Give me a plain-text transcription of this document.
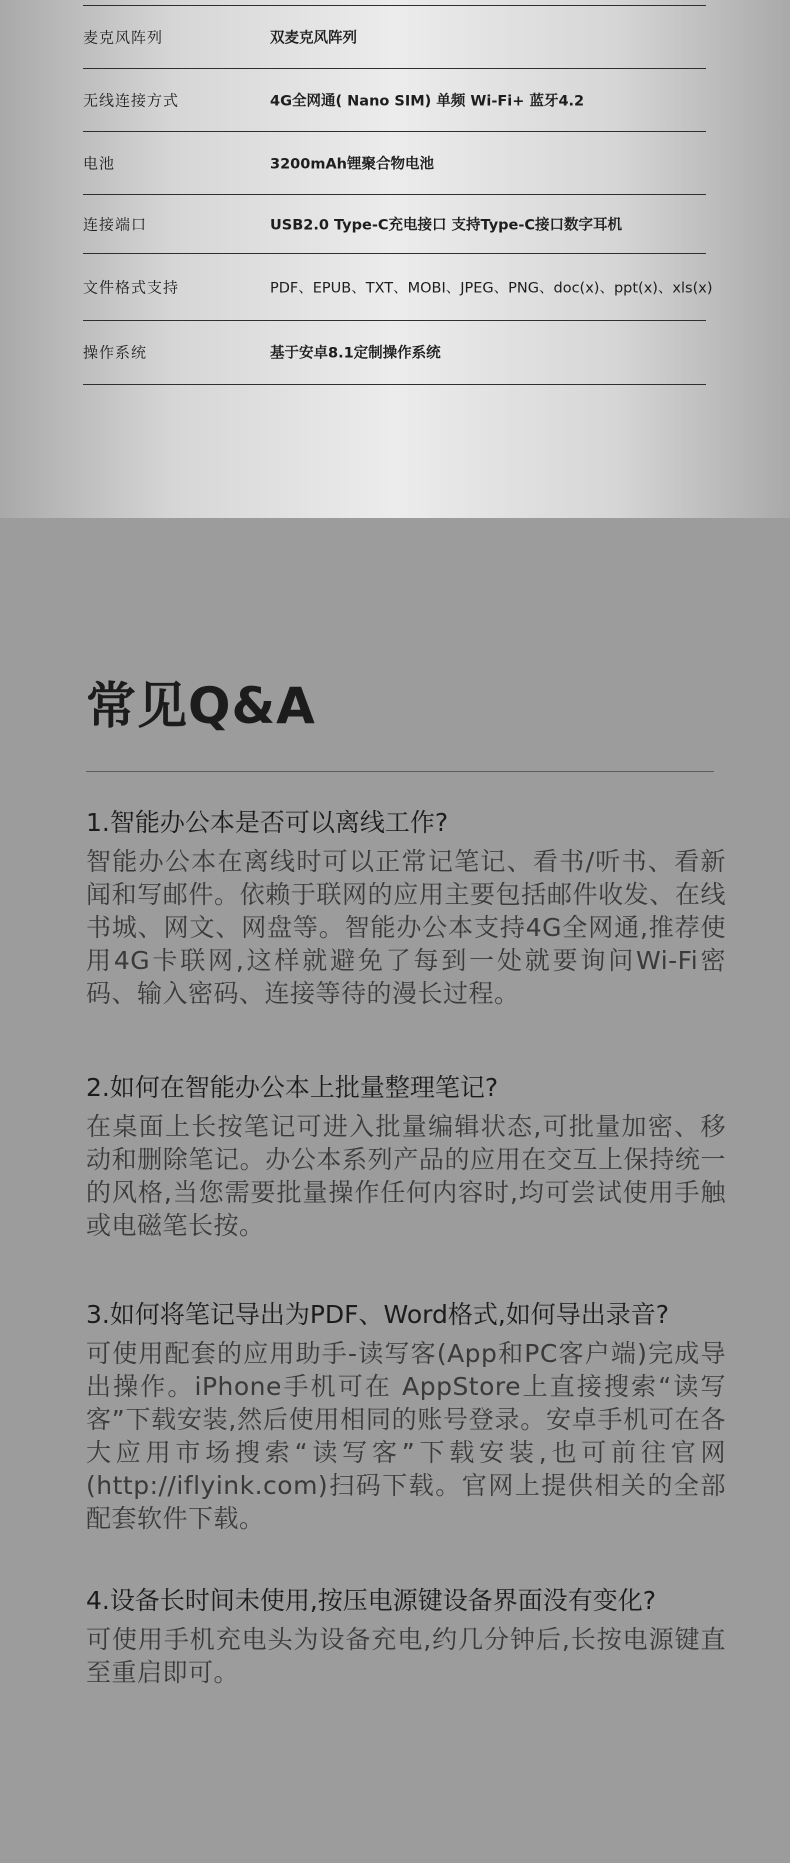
麦克风阵列	双麦克风阵列
无线连接方式	4G全网通( Nano SIM) 单频 Wi-Fi+ 蓝牙4.2
电池	3200mAh锂聚合物电池
连接端口	USB2.0 Type-C充电接口 支持Type-C接口数字耳机
文件格式支持	PDF、EPUB、TXT、MOBI、JPEG、PNG、doc(x)、ppt(x)、xls(x)
操作系统	基于安卓8.1定制操作系统
常见Q&A

1.智能办公本是否可以离线工作?

智能办公本在离线时可以正常记笔记、看书/听书、看新闻和写邮件。依赖于联网的应用主要包括邮件收发、在线书城、网文、网盘等。智能办公本支持4G全网通,推荐使用4G卡联网,这样就避免了每到一处就要询问Wi-Fi密码、输入密码、连接等待的漫长过程。

2.如何在智能办公本上批量整理笔记?

在桌面上长按笔记可进入批量编辑状态,可批量加密、移动和删除笔记。办公本系列产品的应用在交互上保持统一的风格,当您需要批量操作任何内容时,均可尝试使用手触或电磁笔长按。

3.如何将笔记导出为PDF、Word格式,如何导出录音?

可使用配套的应用助手-读写客(App和PC客户端)完成导出操作。iPhone手机可在 AppStore上直接搜索“读写客”下载安装,然后使用相同的账号登录。安卓手机可在各大应用市场搜索“读写客”下载安装,也可前往官网(http://iflyink.com)扫码下载。官网上提供相关的全部配套软件下载。

4.设备长时间未使用,按压电源键设备界面没有变化?

可使用手机充电头为设备充电,约几分钟后,长按电源键直至重启即可。
